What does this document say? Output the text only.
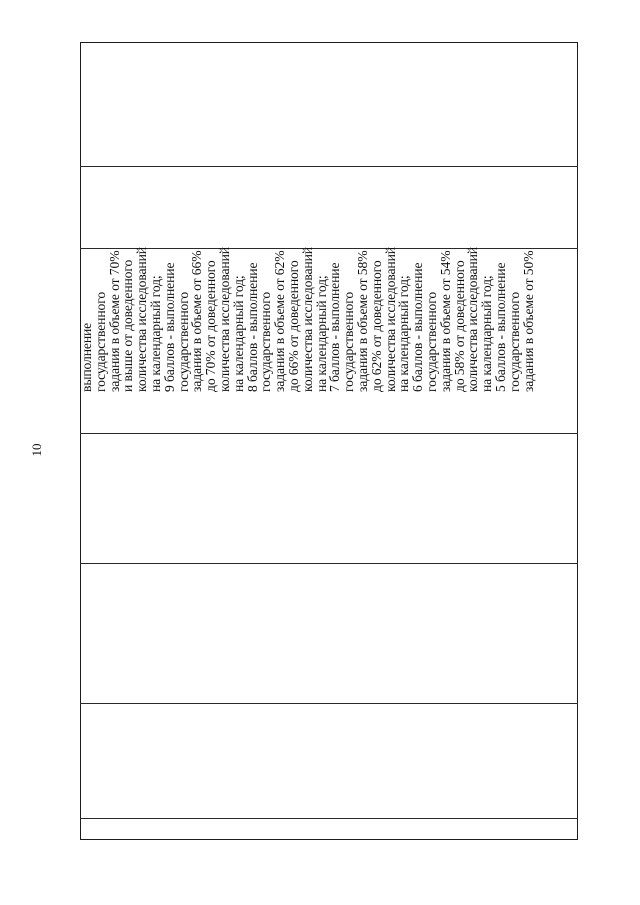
10
выполнение
государственного
задания в объеме от 70%
и выше от доведенного
количества исследований
на календарный год;
9 баллов - выполнение
государственного
задания в объеме от 66%
до 70% от доведенного
количества исследований
на календарный год;
8 баллов - выполнение
государственного
задания в объеме от 62%
до 66% от доведенного
количества исследований
на календарный год;
7 баллов - выполнение
государственного
задания в объеме от 58%
до 62% от доведенного
количества исследований
на календарный год;
6 баллов - выполнение
государственного
задания в объеме от 54%
до 58% от доведенного
количества исследований
на календарный год;
5 баллов - выполнение
государственного
задания в объеме от 50%
